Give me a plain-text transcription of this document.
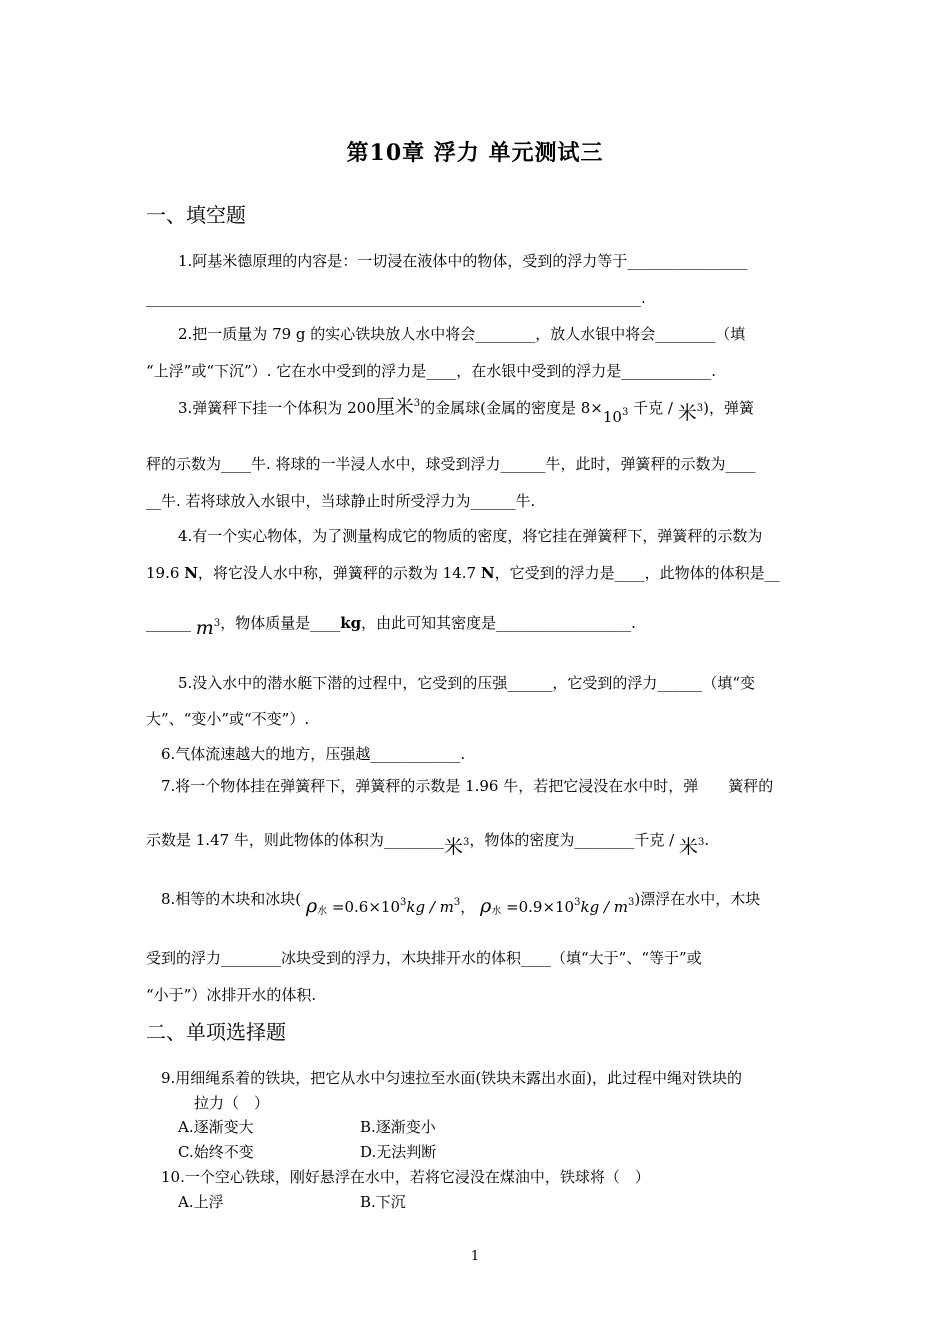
第10章 浮力 单元测试三
一、填空题
1.阿基米德原理的内容是：一切浸在液体中的物体，受到的浮力等于________________
__________________________________________________________________.
2.把一质量为 79 g 的实心铁块放人水中将会________，放人水银中将会________（填
“上浮”或“下沉”）. 它在水中受到的浮力是____，在水银中受到的浮力是____________.
3.弹簧秤下挂一个体积为 200厘米$^3$的金属球(金属的密度是 8×103 千克 / 米3)，弹簧
秤的示数为____牛. 将球的一半浸人水中，球受到浮力______牛，此时，弹簧秤的示数为____
__牛. 若将球放入水银中，当球静止时所受浮力为______牛.
4.有一个实心物体，为了测量构成它的物质的密度，将它挂在弹簧秤下，弹簧秤的示数为
19.6 N，将它没人水中称，弹簧秤的示数为 14.7 N，它受到的浮力是____，此物体的体积是__
______ m3，物体质量是____kg，由此可知其密度是__________________.
5.没入水中的潜水艇下潜的过程中，它受到的压强______，它受到的浮力______（填“变
大”、“变小”或“不变”）.
6.气体流速越大的地方，压强越____________.
7.将一个物体挂在弹簧秤下，弹簧秤的示数是 1.96 牛，若把它浸没在水中时，弹　　簧秤的
示数是 1.47 牛，则此物体的体积为________米3，物体的密度为________千克 / 米3.
8.相等的木块和冰块( $\rho_水 =0.6\times 10^3kg / m^3$， $\rho_水 =0.9\times 10^3kg / m^3$)漂浮在水中，木块
受到的浮力________冰块受到的浮力，木块排开水的体积____（填“大于”、“等于”或
“小于”）冰排开水的体积.
二、单项选择题
9.用细绳系着的铁块，把它从水中匀速拉至水面(铁块未露出水面)，此过程中绳对铁块的
拉力（　）
A.逐渐变大	B.逐渐变小
C.始终不变	D.无法判断
10.一个空心铁球，刚好悬浮在水中，若将它浸没在煤油中，铁球将（　）
A.上浮	B.下沉
1
